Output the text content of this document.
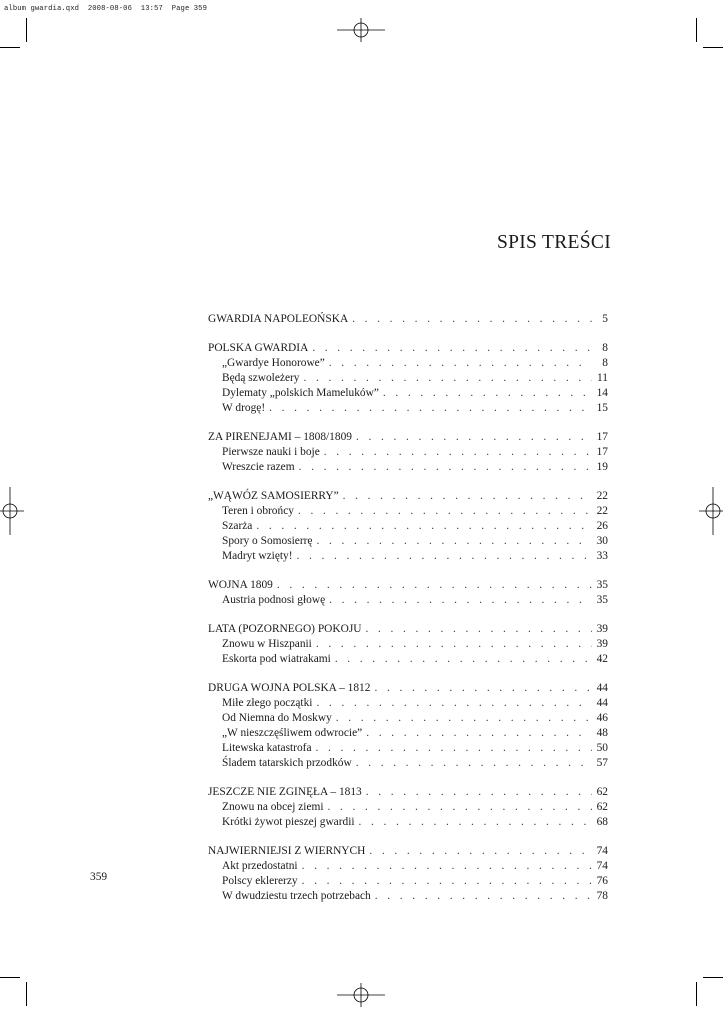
album gwardia.qxd  2008-08-06  13:57  Page 359
SPIS TREŚCI
GWARDIA NAPOLEOŃSKA . . .	5
POLSKA GWARDIA . . .	8
„Gwardye Honorowe” . . .	8
Będą szwoleżery . . .	11
Dylematy „polskich Mameluków” . . .	14
W drogę! . . .	15
ZA PIRENEJAMI – 1808/1809 . . .	17
Pierwsze nauki i boje . . .	17
Wreszcie razem . . .	19
„WĄWÓZ SAMOSIERRY” . . .	22
Teren i obrońcy . . .	22
Szarża . . .	26
Spory o Somosierrę . . .	30
Madryt wzięty! . . .	33
WOJNA 1809 . . .	35
Austria podnosi głowę . . .	35
LATA (POZORNEGO) POKOJU . . .	39
Znowu w Hiszpanii . . .	39
Eskorta pod wiatrakami . . .	42
DRUGA WOJNA POLSKA – 1812 . . .	44
Miłe złego początki . . .	44
Od Niemna do Moskwy . . .	46
„W nieszczęśliwem odwrocie” . . .	48
Litewska katastrofa . . .	50
Śladem tatarskich przodków . . .	57
JESZCZE NIE ZGINĘŁA – 1813 . . .	62
Znowu na obcej ziemi . . .	62
Krótki żywot pieszej gwardii . . .	68
NAJWIERNIEJSI Z WIERNYCH . . .	74
Akt przedostatni . . .	74
Polscy eklererzy . . .	76
W dwudziestu trzech potrzebach . . .	78
359
